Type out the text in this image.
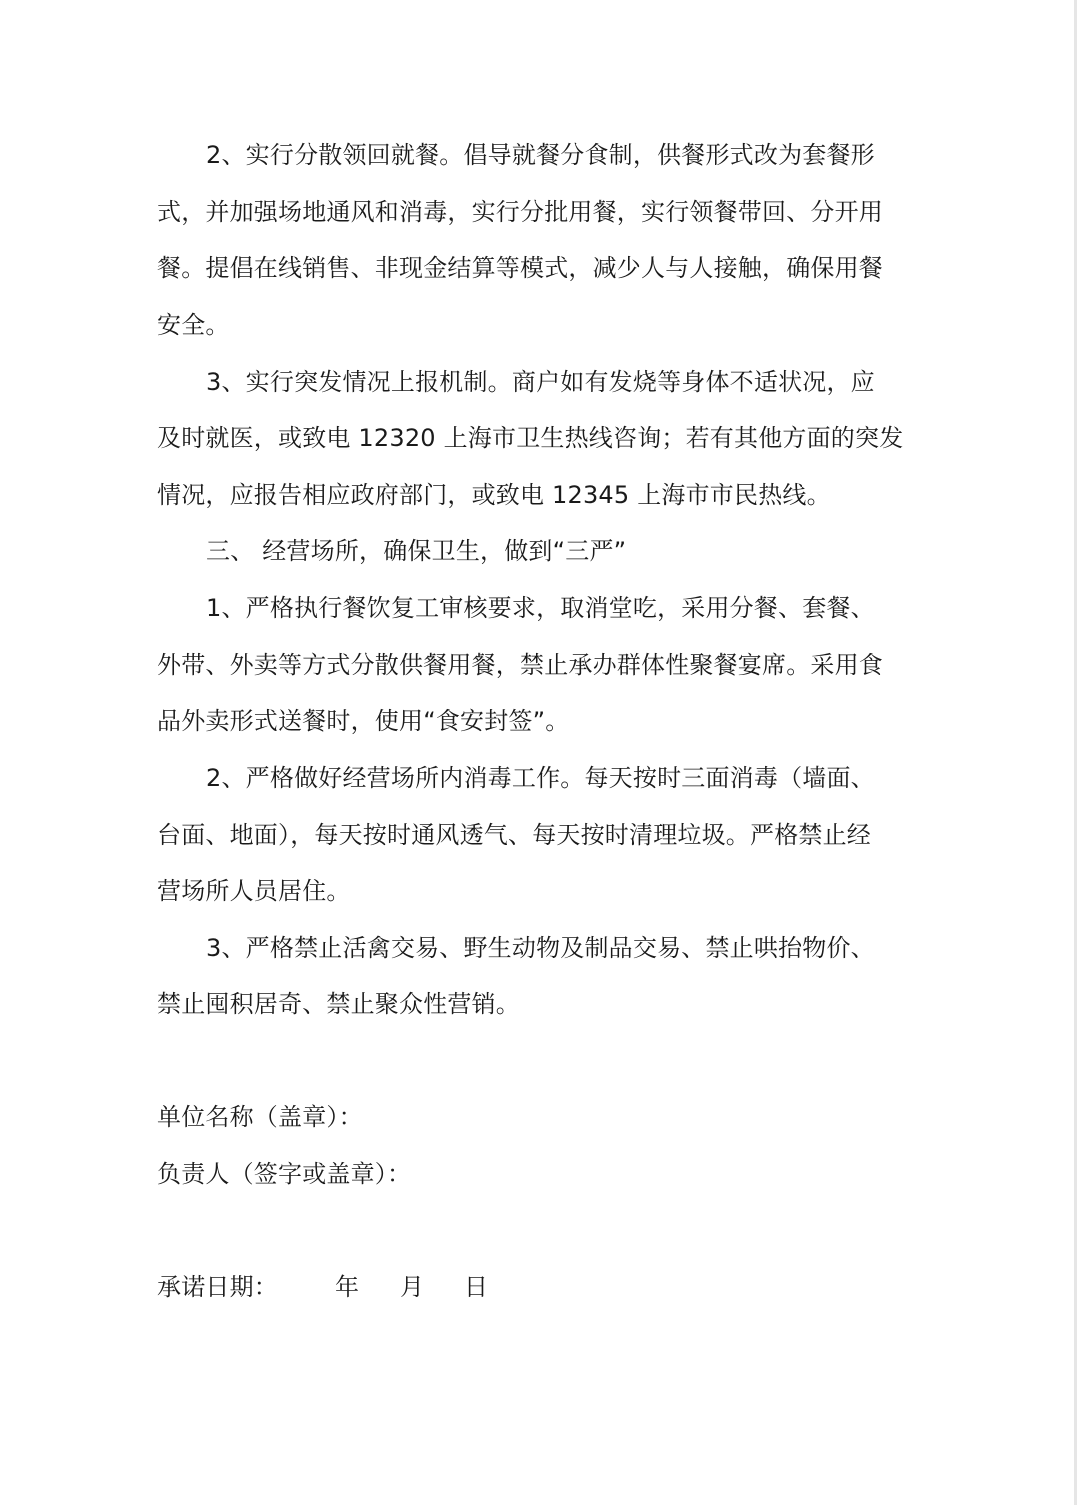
2、实行分散领回就餐。倡导就餐分食制，供餐形式改为套餐形
式，并加强场地通风和消毒，实行分批用餐，实行领餐带回、分开用
餐。提倡在线销售、非现金结算等模式，减少人与人接触，确保用餐
安全。
3、实行突发情况上报机制。商户如有发烧等身体不适状况，应
及时就医，或致电 12320 上海市卫生热线咨询；若有其他方面的突发
情况，应报告相应政府部门，或致电 12345 上海市市民热线。
三、 经营场所，确保卫生，做到“三严”
1、严格执行餐饮复工审核要求，取消堂吃，采用分餐、套餐、
外带、外卖等方式分散供餐用餐，禁止承办群体性聚餐宴席。采用食
品外卖形式送餐时，使用“食安封签”。
2、严格做好经营场所内消毒工作。每天按时三面消毒（墙面、
台面、地面），每天按时通风透气、每天按时清理垃圾。严格禁止经
营场所人员居住。
3、严格禁止活禽交易、野生动物及制品交易、禁止哄抬物价、
禁止囤积居奇、禁止聚众性营销。
单位名称（盖章）：
负责人（签字或盖章）：
承诺日期： 年 月 日
